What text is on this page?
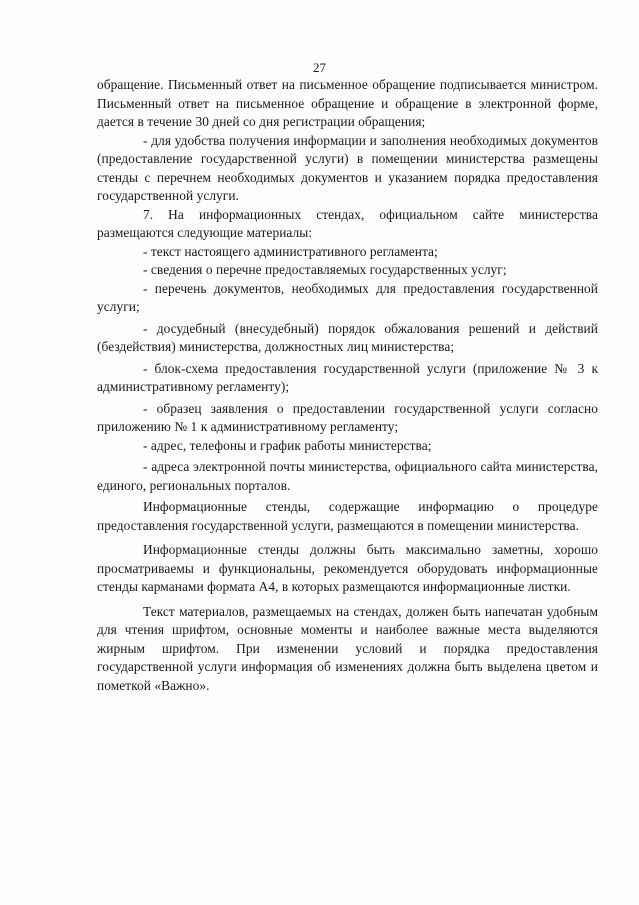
27

обращение. Письменный ответ на письменное обращение подписывается министром. Письменный ответ на письменное обращение и обращение в электронной форме, дается в течение 30 дней со дня регистрации обращения;

- для удобства получения информации и заполнения необходимых документов (предоставление государственной услуги) в помещении министерства размещены стенды с перечнем необходимых документов и указанием порядка предоставления государственной услуги.

7. На информационных стендах, официальном сайте министерства размещаются следующие материалы:

- текст настоящего административного регламента;

- сведения о перечне предоставляемых государственных услуг;

- перечень документов, необходимых для предоставления государственной услуги;

- досудебный (внесудебный) порядок обжалования решений и действий (бездействия) министерства, должностных лиц министерства;

- блок-схема предоставления государственной услуги (приложение № 3 к административному регламенту);

- образец заявления о предоставлении государственной услуги согласно приложению № 1 к административному регламенту;

- адрес, телефоны и график работы министерства;

- адреса электронной почты министерства, официального сайта министерства, единого, региональных порталов.

Информационные стенды, содержащие информацию о процедуре предоставления государственной услуги, размещаются в помещении министерства.

Информационные стенды должны быть максимально заметны, хорошо просматриваемы и функциональны, рекомендуется оборудовать информационные стенды карманами формата А4, в которых размещаются информационные листки.

Текст материалов, размещаемых на стендах, должен быть напечатан удобным для чтения шрифтом, основные моменты и наиболее важные места выделяются жирным шрифтом. При изменении условий и порядка предоставления государственной услуги информация об изменениях должна быть выделена цветом и пометкой «Важно».
